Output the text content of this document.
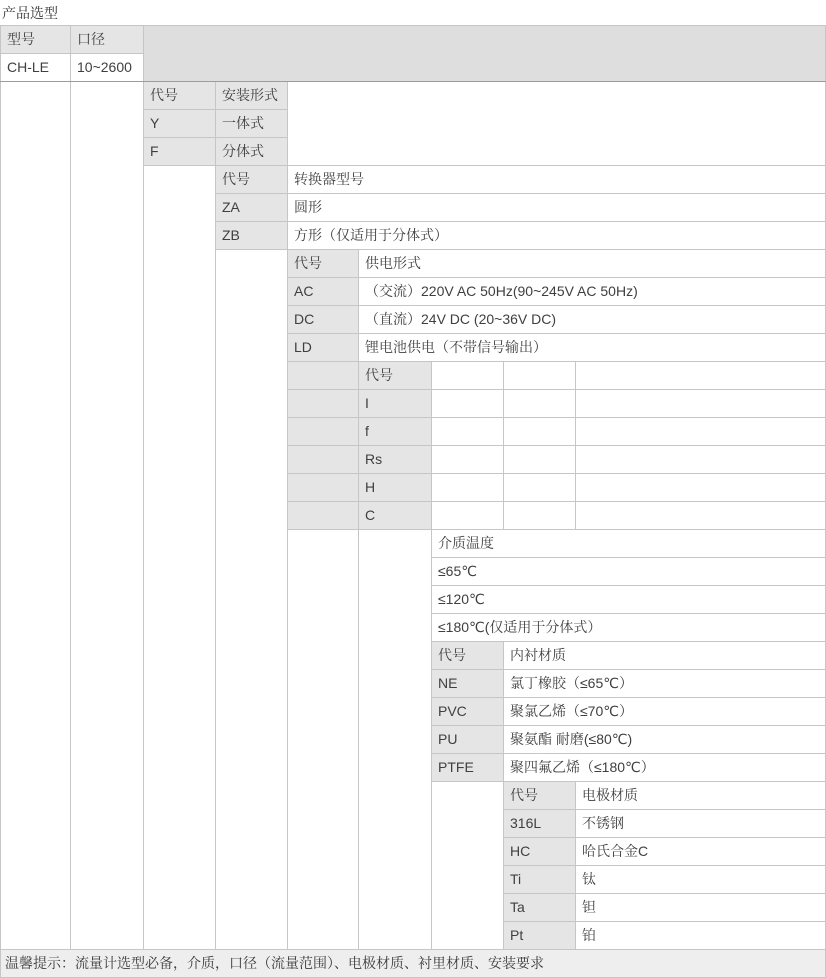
产品选型
型号	口径							
CH-LE	10~2600							
		代号	安装形式					
		Y	一体式					
		F	分体式					
			代号	转换器型号				
			ZA	圆形				
			ZB	方形（仅适用于分体式）				
				代号	供电形式			
				AC	（交流）220V AC 50Hz(90~245V AC 50Hz)			
				DC	（直流）24V DC (20~36V DC)			
				LD	锂电池供电（不带信号输出）			
					代号			
					I			
					f			
					Rs			
					H			
					C			
						介质温度		
						≤65℃		
						≤120℃		
						≤180℃(仅适用于分体式）		
						代号	内衬材质	
						NE	氯丁橡胶（≤65℃）	
						PVC	聚氯乙烯（≤70℃）	
						PU	聚氨酯 耐磨(≤80℃)	
						PTFE	聚四氟乙烯（≤180℃）	
							代号	电极材质
							316L	不锈钢
							HC	哈氏合金C
							Ti	钛
							Ta	钽
							Pt	铂
温馨提示：流量计选型必备，介质，口径（流量范围）、电极材质、衬里材质、安装要求								
